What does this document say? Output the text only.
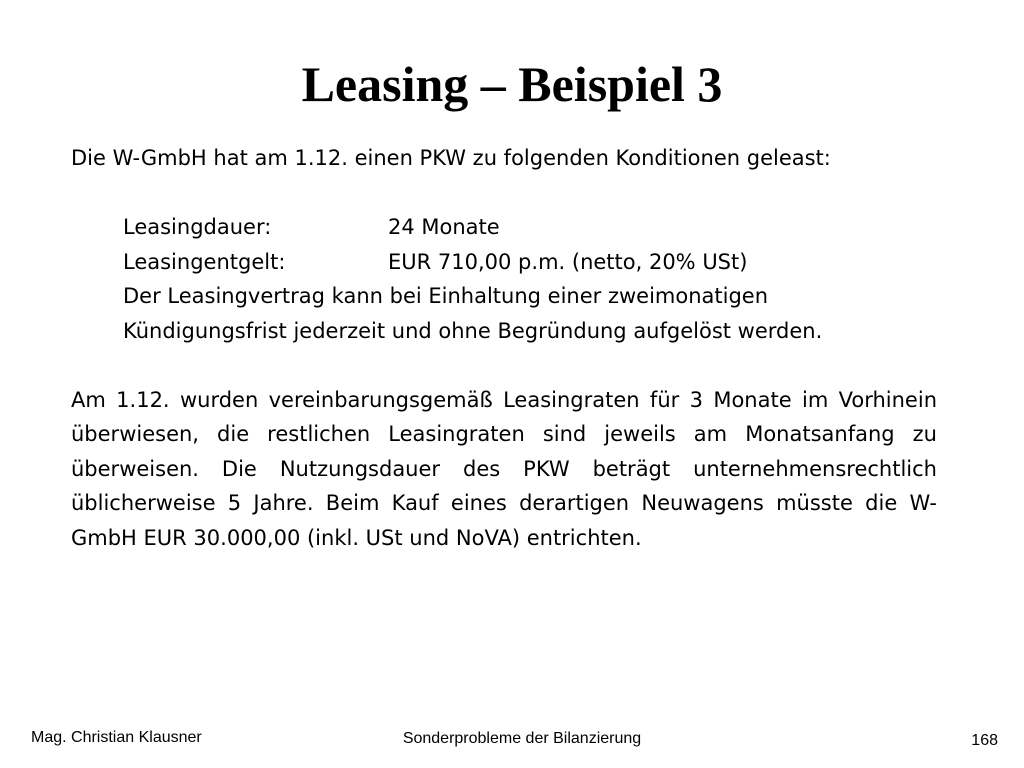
Leasing – Beispiel 3

Die W-GmbH hat am 1.12. einen PKW zu folgenden Konditionen geleast:

Leasingdauer:	24 Monate
Leasingentgelt:	EUR 710,00 p.m. (netto, 20% USt)

Der Leasingvertrag kann bei Einhaltung einer zweimonatigen

Kündigungsfrist jederzeit und ohne Begründung aufgelöst werden.

Am 1.12. wurden vereinbarungsgemäß Leasingraten für 3 Monate im Vorhinein überwiesen, die restlichen Leasingraten sind jeweils am Monatsanfang zu überweisen. Die Nutzungsdauer des PKW beträgt unternehmensrechtlich üblicherweise 5 Jahre. Beim Kauf eines derartigen Neuwagens müsste die W-GmbH EUR 30.000,00 (inkl. USt und NoVA) entrichten.

Mag. Christian Klausner	Sonderprobleme der Bilanzierung	168
